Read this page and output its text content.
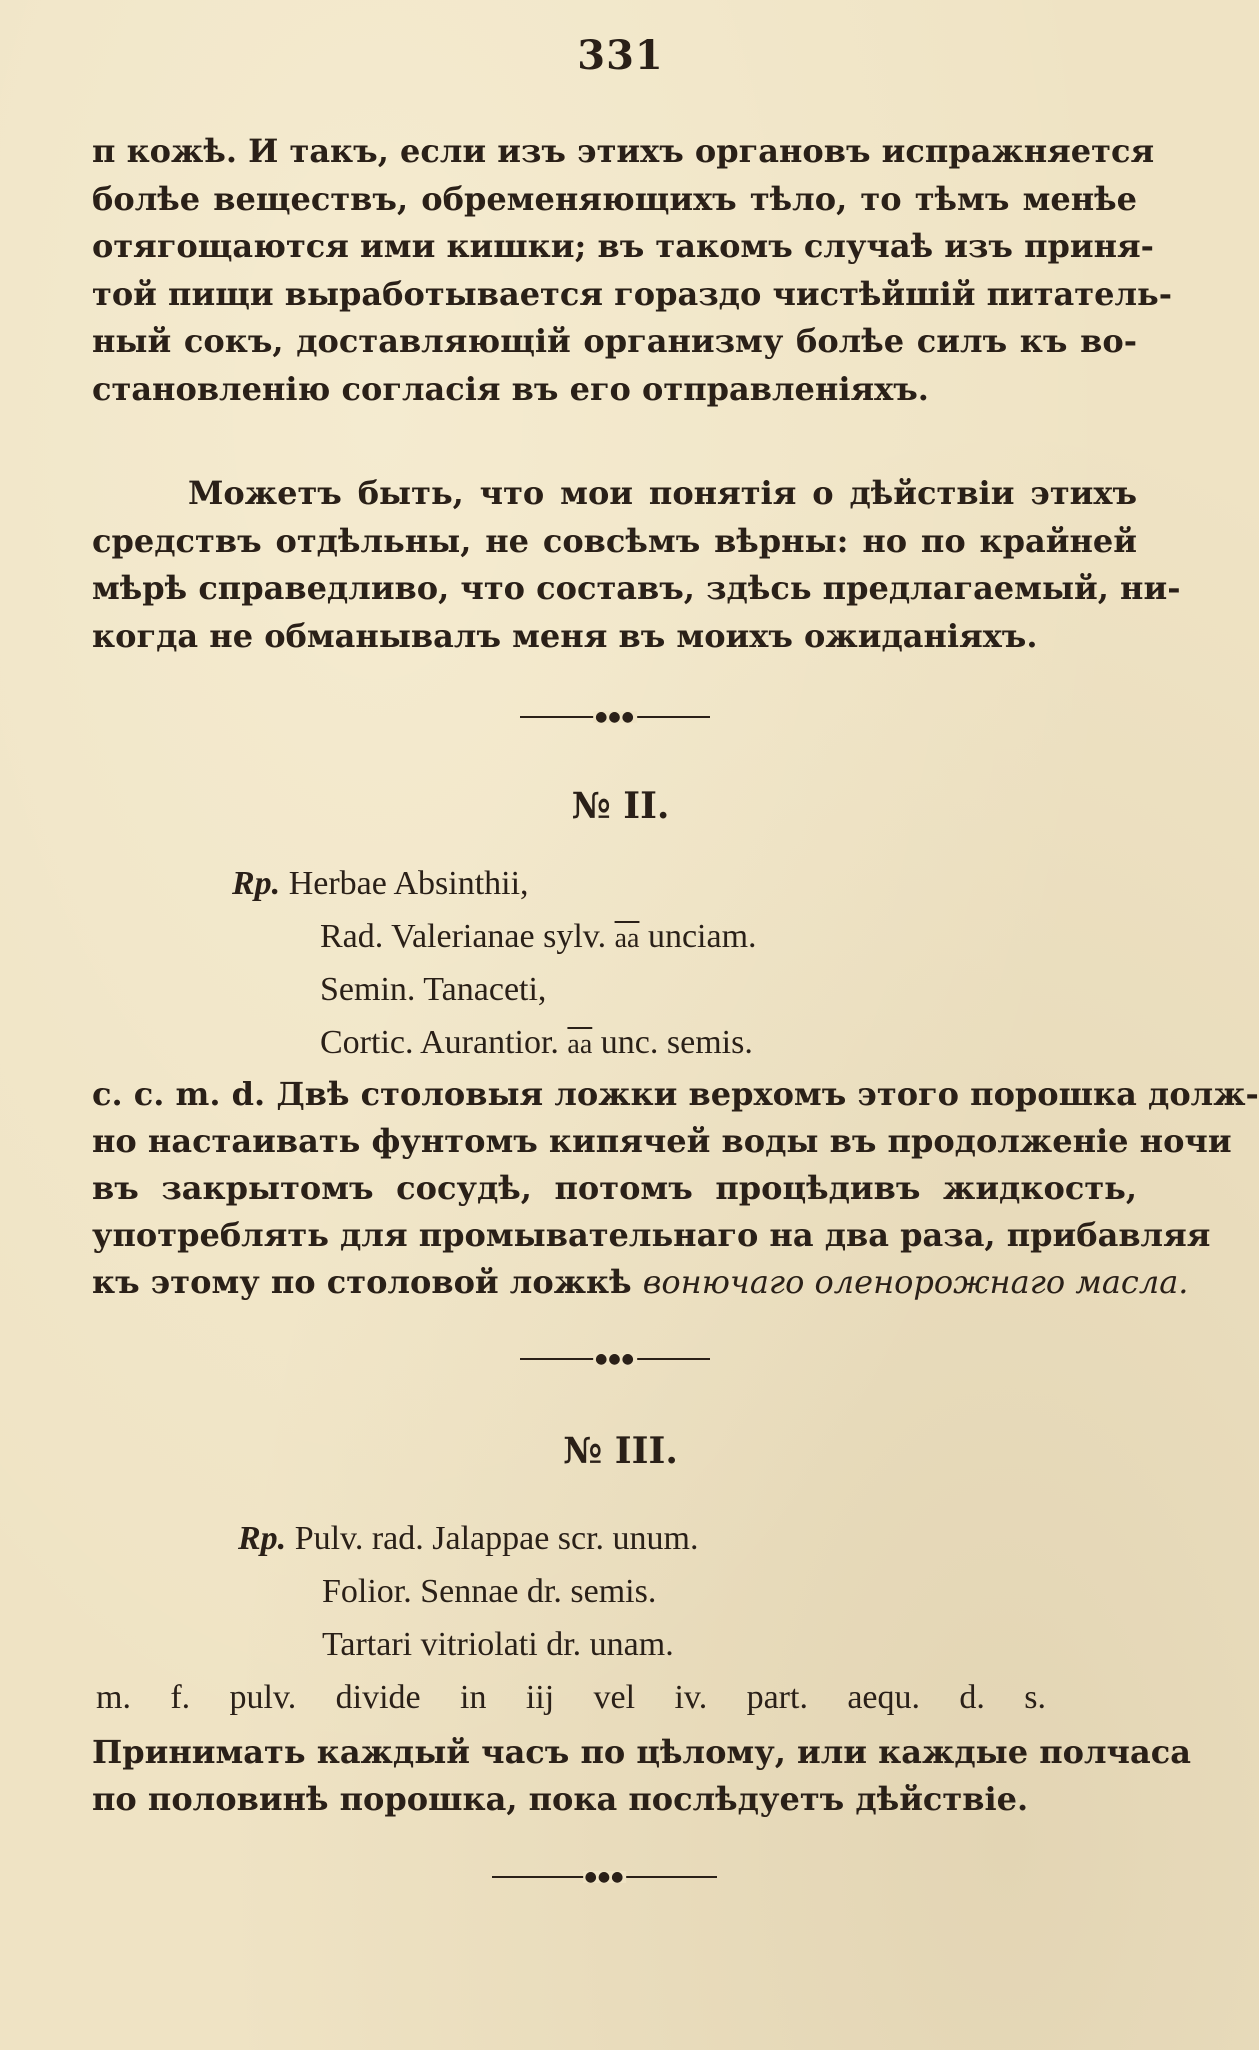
331
п кожѣ. И такъ, если изъ этихъ органовъ испражняется
болѣе веществъ, обременяющихъ тѣло, то тѣмъ менѣе
отягощаются ими кишки; въ такомъ случаѣ изъ приня-
той пищи выработывается гораздо чистѣйшій питатель-
ный сокъ, доставляющій организму болѣе силъ къ во-
становленію согласія въ его отправленіяхъ.
Можетъ быть, что мои понятія о дѣйствіи этихъ
средствъ отдѣльны, не совсѣмъ вѣрны: но по крайней
мѣрѣ справедливо, что составъ, здѣсь предлагаемый, ни-
когда не обманывалъ меня въ моихъ ожиданіяхъ.
●●●
№ II.
Rp. Herbae Absinthii,
Rad. Valerianae sylv. $\overline{aa}$ unciam.
Semin. Tanaceti,
Cortic. Aurantior. $\overline{aa}$ unc. semis.
c. c. m. d. Двѣ столовыя ложки верхомъ этого порошка долж-
но настаивать фунтомъ кипячей воды въ продолженіе ночи
въ закрытомъ сосудѣ, потомъ процѣдивъ жидкость,
употреблять для промывательнаго на два раза, прибавляя
къ этому по столовой ложкѣ вонючаго оленорожнаго масла.
●●●
№ III.
Rp. Pulv. rad. Jalappae scr. unum.
Folior. Sennae dr. semis.
Tartari vitriolati dr. unam.
m. f. pulv. divide in iij vel iv. part. aequ. d. s.
Принимать каждый часъ по цѣлому, или каждые полчаса
по половинѣ порошка, пока послѣдуетъ дѣйствіе.
●●●
